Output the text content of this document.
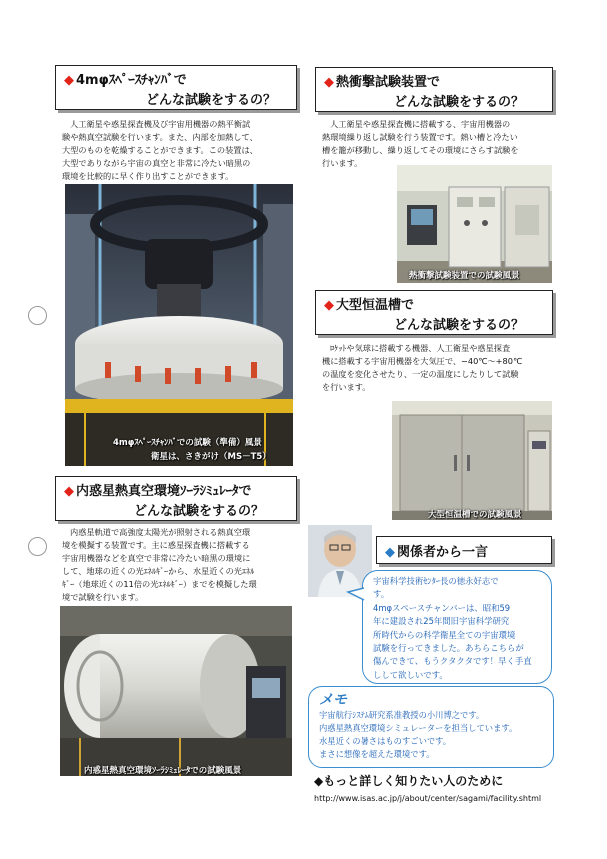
◆ 4mφｽﾍﾟｰｽﾁｬﾝﾊﾞで
どんな試験をするの？
人工衛星や惑星探査機及び宇宙用機器の熱平衡試
験や熱真空試験を行います。また、内部を加熱して、
大型のものを乾燥することができます。この装置は、
大型でありながら宇宙の真空と非常に冷たい暗黒の
環境を比較的に早く作り出すことができます。
4mφｽﾍﾟｰｽﾁｬﾝﾊﾞでの試験（準備）風景
衛星は、さきがけ（MS－T5）
◆ 熱衝撃試験装置で
どんな試験をするの？
人工衛星や惑星探査機に搭載する、宇宙用機器の
熱環境繰り返し試験を行う装置です。熱い槽と冷たい
槽を籠が移動し、繰り返してその環境にさらす試験を
行います。
熱衝撃試験装置での試験風景
◆ 大型恒温槽で
どんな試験をするの？
ﾛｹｯﾄや気球に搭載する機器、人工衛星や惑星探査
機に搭載する宇宙用機器を大気圧で、−40℃〜+80℃
の温度を変化させたり、一定の温度にしたりして試験
を行います。
大型恒温槽での試験風景
◆ 内惑星熱真空環境ｿｰﾗｼﾐｭﾚｰﾀで
どんな試験をするの？
内惑星軌道で高強度太陽光が照射される熱真空環
境を模擬する装置です。主に惑星探査機に搭載する
宇宙用機器などを真空で非常に冷たい暗黒の環境に
して、地球の近くの光ｴﾈﾙｷﾞｰから、水星近くの光ｴﾈﾙ
ｷﾞｰ（地球近くの11倍の光ｴﾈﾙｷﾞｰ）までを模擬した環
境で試験を行います。
内惑星熱真空環境ｿｰﾗｼﾐｭﾚｰﾀでの試験風景
◆ 関係者から一言
宇宙科学技術ｾﾝﾀｰ長の徳永好志で
す。
4mφスペースチャンバーは、昭和59
年に建設され25年間旧宇宙科学研究
所時代からの科学衛星全ての宇宙環境
試験を行ってきました。あちらこちらが
傷んできて、もうクタクタです！早く手直
しして欲しいです。
メモ
宇宙航行ｼｽﾃﾑ研究系准教授の小川博之です。
内惑星熱真空環境シミュレーターを担当しています。
水星近くの暑さはものすごいです。
まさに想像を超えた環境です。
◆もっと詳しく知りたい人のために
http://www.isas.ac.jp/j/about/center/sagami/facility.shtml
